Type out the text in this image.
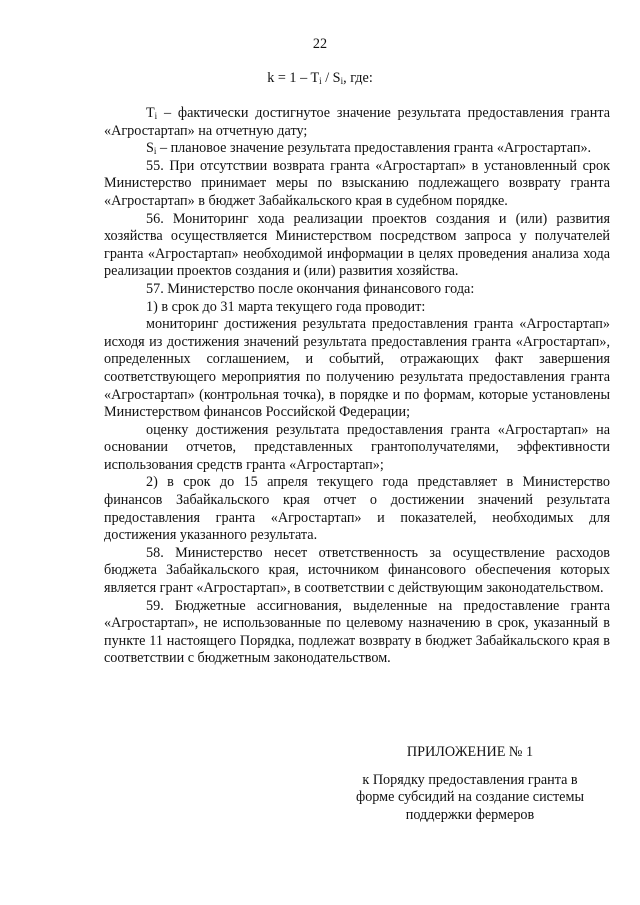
22
$k = 1 - T_i / S_i$, где:

$T_i$ – фактически достигнутое значение результата предоставления гранта «Агростартап» на отчетную дату;

$S_i$ – плановое значение результата предоставления гранта «Агростартап».

55. При отсутствии возврата гранта «Агростартап» в установленный срок Министерство принимает меры по взысканию подлежащего возврату гранта «Агростартап» в бюджет Забайкальского края в судебном порядке.

56. Мониторинг хода реализации проектов создания и (или) развития хозяйства осуществляется Министерством посредством запроса у получателей гранта «Агростартап» необходимой информации в целях проведения анализа хода реализации проектов создания и (или) развития хозяйства.

57. Министерство после окончания финансового года:

1) в срок до 31 марта текущего года проводит:

мониторинг достижения результата предоставления гранта «Агростартап» исходя из достижения значений результата предоставления гранта «Агростартап», определенных соглашением, и событий, отражающих факт завершения соответствующего мероприятия по получению результата предоставления гранта «Агростартап» (контрольная точка), в порядке и по формам, которые установлены Министерством финансов Российской Федерации;

оценку достижения результата предоставления гранта «Агростартап» на основании отчетов, представленных грантополучателями, эффективности использования средств гранта «Агростартап»;

2) в срок до 15 апреля текущего года представляет в Министерство финансов Забайкальского края отчет о достижении значений результата предоставления гранта «Агростартап» и показателей, необходимых для достижения указанного результата.

58. Министерство несет ответственность за осуществление расходов бюджета Забайкальского края, источником финансового обеспечения которых является грант «Агростартап», в соответствии с действующим законодательством.

59. Бюджетные ассигнования, выделенные на предоставление гранта «Агростартап», не использованные по целевому назначению в срок, указанный в пункте 11 настоящего Порядка, подлежат возврату в бюджет Забайкальского края в соответствии с бюджетным законодательством.

ПРИЛОЖЕНИЕ № 1

к Порядку предоставления гранта в

форме субсидий на создание системы

поддержки фермеров
